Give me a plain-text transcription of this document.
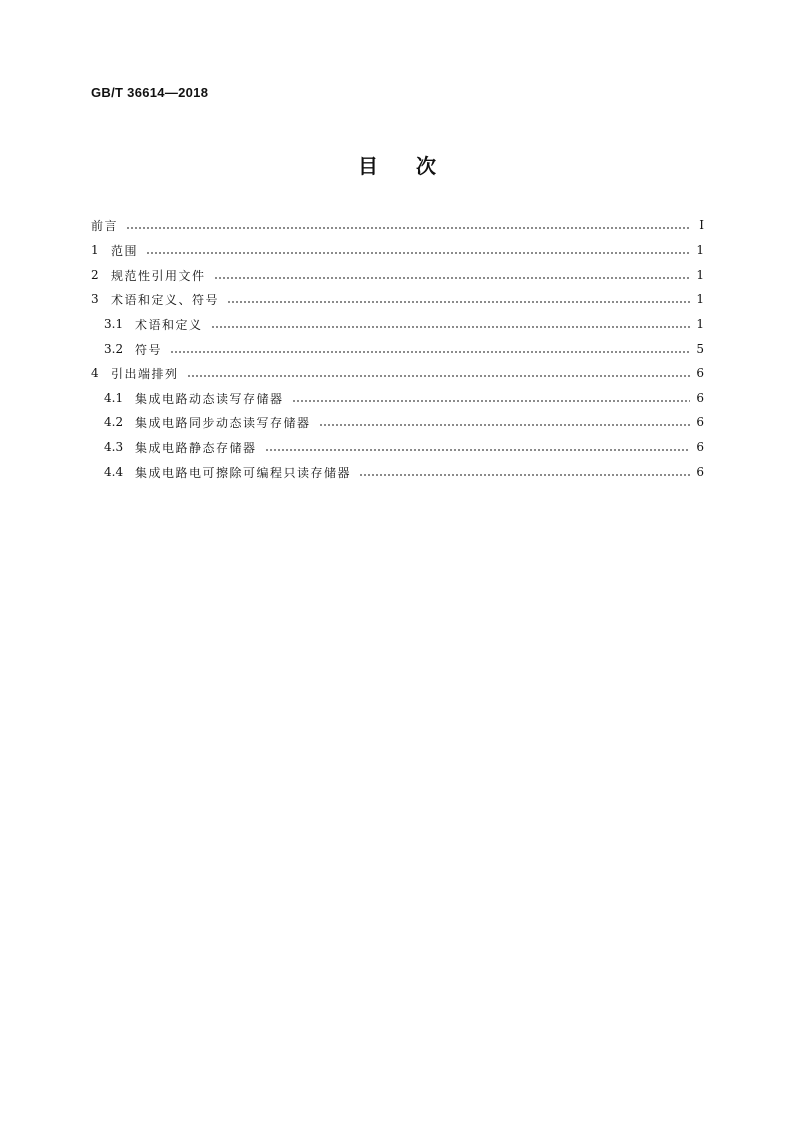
GB/T 36614—2018
目次
前言	Ⅰ
1	范围	1
2	规范性引用文件	1
3	术语和定义、符号	1
3.1 术语和定义	1
3.2 符号	5
4	引出端排列	6
4.1 集成电路动态读写存储器	6
4.2 集成电路同步动态读写存储器	6
4.3 集成电路静态存储器	6
4.4 集成电路电可擦除可编程只读存储器	6
